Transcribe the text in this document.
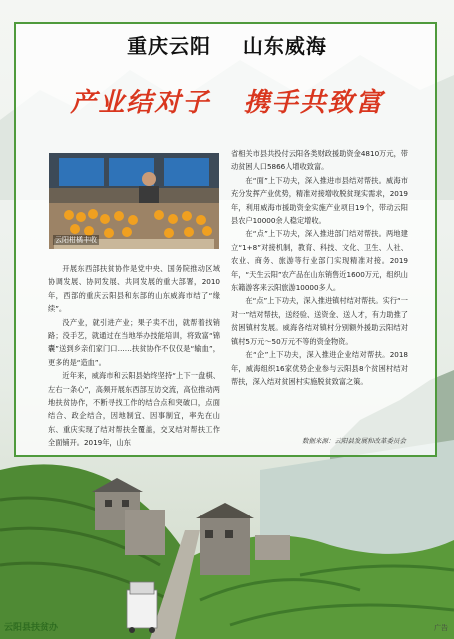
重庆云阳    山东威海
产业结对子   携手共致富
云阳柑橘丰收

开展东西部扶贫协作是党中央、国务院推动区域协调发展、协同发展、共同发展的重大部署，2010年，西部的重庆云阳县和东部的山东威海市结了“缘续”。

没产业，就引进产业；果子卖不出，就帮着找销路；没手艺，就通过在当地举办技能培训，将致富“锦囊”送到乡亲们家门口……扶贫协作不仅仅是“输血”，更多的是“造血”。

近年来，威海市和云阳县始终坚持“上下一盘棋、左右一条心”，高频开展东西部互访交流，高位推动两地扶贫协作，不断寻找工作的结合点和突破口，点面结合、政企结合，因地制宜、因事制宜，率先在山东、重庆实现了结对帮扶全覆盖，交叉结对帮扶工作全面铺开。2019年，山东

省相关市县共投付云阳各类财政援助资金4810万元，带动贫困人口5866人增收致富。

在“面”上下功夫，深入推进市县结对帮扶。威海市充分发挥产业优势，精准对接增收脱贫现实需求，2019年，利用威海市援助资金实施产业项目19个，带动云阳县农户10000余人稳定增收。

在“点”上下功夫，深入推进部门结对帮扶。两地建立“1+8”对接机制，教育、科技、文化、卫生、人社、农业、商务、旅游等行业部门实现精准对接。2019年，“天生云阳”农产品在山东销售近1600万元，组织山东籍游客来云阳旅游10000多人。

在“点”上下功夫，深入推进镇村结对帮扶。实行“一对一”结对帮扶，送经验、送资金、送人才，有力助推了贫困镇村发展。威海各结对镇村分别额外援助云阳结对镇村5万元～50万元不等的资金物资。

在“企”上下功夫，深入推进企业结对帮扶。2018年，威海组织16家优势企业参与云阳县8个贫困村结对帮扶，深入结对贫困村实施脱贫致富之策。

数据来源：云阳县发展和改革委员会
云阳县扶贫办	广告
